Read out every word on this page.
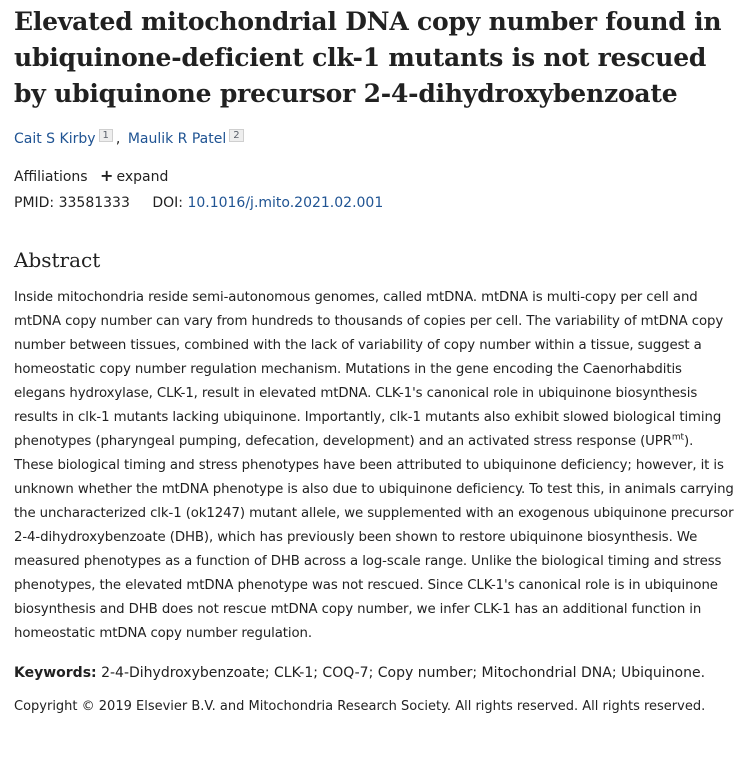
Elevated mitochondrial DNA copy number found in ubiquinone-deficient clk-1 mutants is not rescued by ubiquinone precursor 2-4-dihydroxybenzoate
Cait S Kirby 1 , Maulik R Patel 2
Affiliations + expand
PMID: 33581333 DOI: 10.1016/j.mito.2021.02.001
Abstract
Inside mitochondria reside semi-autonomous genomes, called mtDNA. mtDNA is multi-copy per cell and mtDNA copy number can vary from hundreds to thousands of copies per cell. The variability of mtDNA copy number between tissues, combined with the lack of variability of copy number within a tissue, suggest a homeostatic copy number regulation mechanism. Mutations in the gene encoding the Caenorhabditis elegans hydroxylase, CLK-1, result in elevated mtDNA. CLK-1's canonical role in ubiquinone biosynthesis results in clk-1 mutants lacking ubiquinone. Importantly, clk-1 mutants also exhibit slowed biological timing phenotypes (pharyngeal pumping, defecation, development) and an activated stress response $(UPR^{mt})$. These biological timing and stress phenotypes have been attributed to ubiquinone deficiency; however, it is unknown whether the mtDNA phenotype is also due to ubiquinone deficiency. To test this, in animals carrying the uncharacterized clk-1 (ok1247) mutant allele, we supplemented with an exogenous ubiquinone precursor 2-4-dihydroxybenzoate (DHB), which has previously been shown to restore ubiquinone biosynthesis. We measured phenotypes as a function of DHB across a log-scale range. Unlike the biological timing and stress phenotypes, the elevated mtDNA phenotype was not rescued. Since CLK-1's canonical role is in ubiquinone biosynthesis and DHB does not rescue mtDNA copy number, we infer CLK-1 has an additional function in homeostatic mtDNA copy number regulation.
Keywords: 2-4-Dihydroxybenzoate; CLK-1; COQ-7; Copy number; Mitochondrial DNA; Ubiquinone.
Copyright © 2019 Elsevier B.V. and Mitochondria Research Society. All rights reserved. All rights reserved.
